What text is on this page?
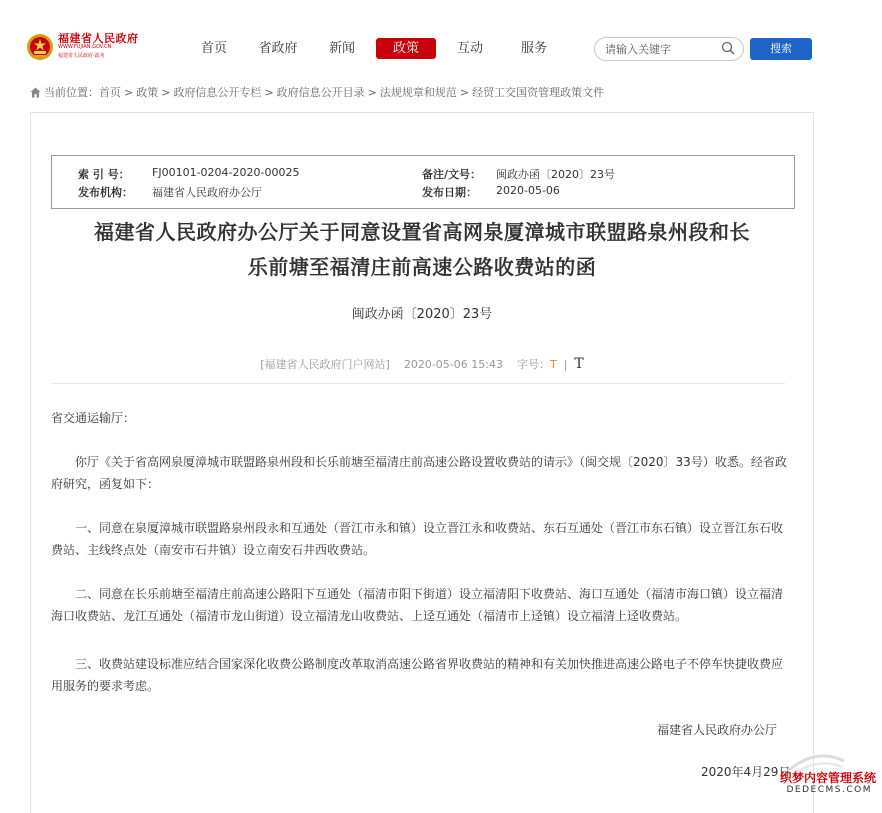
福建省人民政府
WWW.FUJIAN.GOV.CN
福建省人民政府·政务	首页	省政府	新闻	政策	互动	服务
请输入关键字	搜索
当前位置：首页 > 政策 > 政府信息公开专栏 > 政府信息公开目录 > 法规规章和规范 > 经贸工交国资管理政策文件
索 引 号： FJ00101-0204-2020-00025	备注/文号： 闽政办函〔2020〕23号
发布机构： 福建省人民政府办公厅	发布日期： 2020-05-06
福建省人民政府办公厅关于同意设置省高网泉厦漳城市联盟路泉州段和长
乐前塘至福清庄前高速公路收费站的函
闽政办函〔2020〕23号
[福建省人民政府门户网站] 2020-05-06 15:43 字号：T | T
省交通运输厅：
你厅《关于省高网泉厦漳城市联盟路泉州段和长乐前塘至福清庄前高速公路设置收费站的请示》（闽交规〔2020〕33号）收悉。经省政府研究，函复如下：
一、同意在泉厦漳城市联盟路泉州段永和互通处（晋江市永和镇）设立晋江永和收费站、东石互通处（晋江市东石镇）设立晋江东石收费站、主线终点处（南安市石井镇）设立南安石井西收费站。
二、同意在长乐前塘至福清庄前高速公路阳下互通处（福清市阳下街道）设立福清阳下收费站、海口互通处（福清市海口镇）设立福清海口收费站、龙江互通处（福清市龙山街道）设立福清龙山收费站、上迳互通处（福清市上迳镇）设立福清上迳收费站。
三、收费站建设标准应结合国家深化收费公路制度改革取消高速公路省界收费站的精神和有关加快推进高速公路电子不停车快捷收费应用服务的要求考虑。
福建省人民政府办公厅
2020年4月29日
织梦内容管理系统
DEDECMS.COM
